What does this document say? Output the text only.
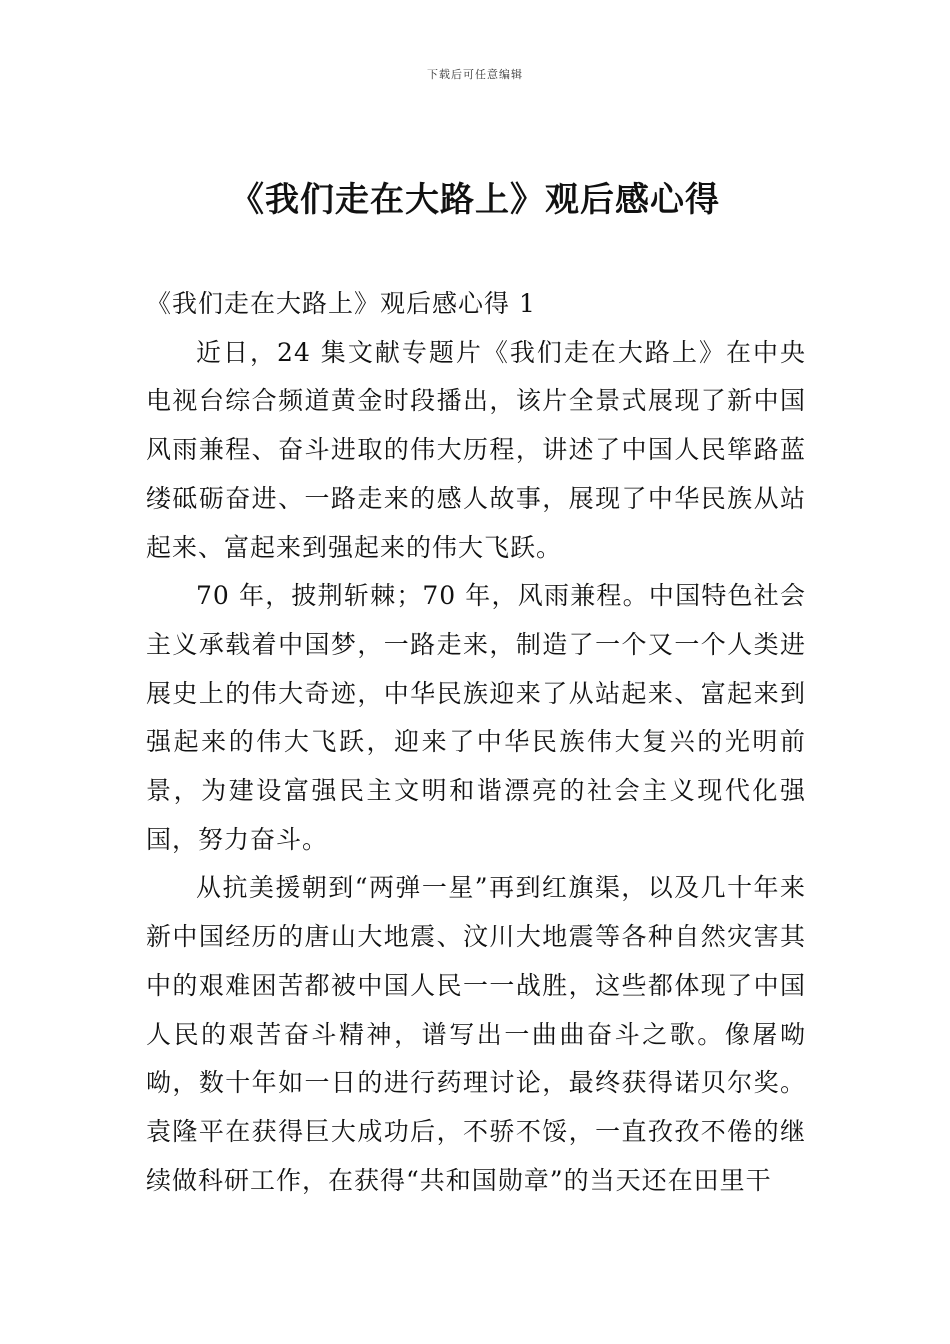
下载后可任意编辑
《我们走在大路上》观后感心得

《我们走在大路上》观后感心得 1

近日，24 集文献专题片《我们走在大路上》在中央电视台综合频道黄金时段播出，该片全景式展现了新中国风雨兼程、奋斗进取的伟大历程，讲述了中国人民筚路蓝缕砥砺奋进、一路走来的感人故事，展现了中华民族从站起来、富起来到强起来的伟大飞跃。

70 年，披荆斩棘；70 年，风雨兼程。中国特色社会主义承载着中国梦，一路走来，制造了一个又一个人类进展史上的伟大奇迹，中华民族迎来了从站起来、富起来到强起来的伟大飞跃，迎来了中华民族伟大复兴的光明前景，为建设富强民主文明和谐漂亮的社会主义现代化强国，努力奋斗。

从抗美援朝到“两弹一星”再到红旗渠，以及几十年来新中国经历的唐山大地震、汶川大地震等各种自然灾害其中的艰难困苦都被中国人民一一战胜，这些都体现了中国人民的艰苦奋斗精神，谱写出一曲曲奋斗之歌。像屠呦呦，数十年如一日的进行药理讨论，最终获得诺贝尔奖。袁隆平在获得巨大成功后，不骄不馁，一直孜孜不倦的继续做科研工作，在获得“共和国勋章”的当天还在田里干
